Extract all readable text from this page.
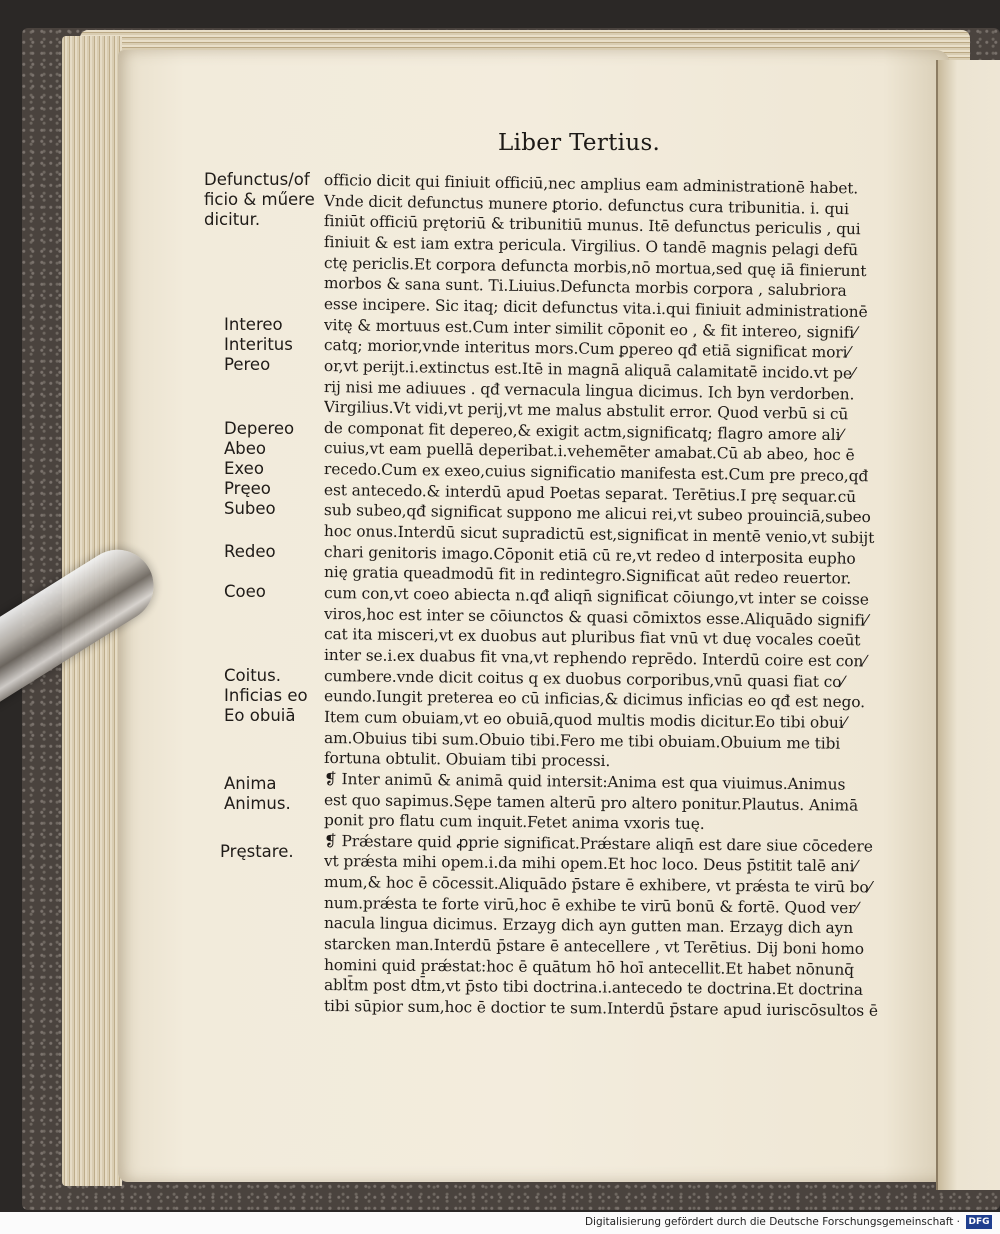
Liber Tertius.
Defunctus/of
ficio & műere
dicitur.
Intereo
Interitus
Pereo
Depereo
Abeo
Exeo
Pręeo
Subeo
Redeo
Coeo
Coitus.
Inficias eo
Eo obuiā
Anima
Animus.
Pręstare.
officio dicit qui finiuit officiū,nec amplius eam administrationē habet.
Vnde dicit defunctus munere ꝑtorio. defunctus cura tribunitia. i. qui
finiūt officiū prętoriū & tribunitiū munus. Itē defunctus periculis , qui
finiuit & est iam extra pericula. Virgilius. O tandē magnis pelagi defū
ctę periclis.Et corpora defuncta morbis,nō mortua,sed quę iā finierunt
morbos & sana sunt. Ti.Liuius.Defuncta morbis corpora , salubriora
esse incipere. Sic itaq; dicit defunctus vita.i.qui finiuit administrationē
vitę & mortuus est.Cum inter similit cōponit eo , & fit intereo, signifi⁄
catq; morior,vnde interitus mors.Cum ꝑpereo qđ etiā significat mori⁄
or,vt perijt.i.extinctus est.Itē in magnā aliquā calamitatē incido.vt pe⁄
rij nisi me adiuues . qđ vernacula lingua dicimus. Ich byn verdorben.
Virgilius.Vt vidi,vt perij,vt me malus abstulit error. Quod verbū si cū
de componat fit depereo,& exigit actm,significatq; flagro amore ali⁄
cuius,vt eam puellā deperibat.i.vehemēter amabat.Cū ab abeo, hoc ē
recedo.Cum ex exeo,cuius significatio manifesta est.Cum pre preco,qđ
est antecedo.& interdū apud Poetas separat. Terētius.I prę sequar.cū
sub subeo,qđ significat suppono me alicui rei,vt subeo prouinciā,subeo
hoc onus.Interdū sicut supradictū est,significat in mentē venio,vt subijt
chari genitoris imago.Cōponit etiā cū re,vt redeo d interposita eupho
nię gratia queadmodū fit in redintegro.Significat aūt redeo reuertor.
cum con,vt coeo abiecta n.qđ aliqn̄ significat cōiungo,vt inter se coisse
viros,hoc est inter se cōiunctos & quasi cōmixtos esse.Aliquādo signifi⁄
cat ita misceri,vt ex duobus aut pluribus fiat vnū vt duę vocales coeūt
inter se.i.ex duabus fit vna,vt rephendo reprēdo. Interdū coire est con⁄
cumbere.vnde dicit coitus q ex duobus corporibus,vnū quasi fiat co⁄
eundo.Iungit preterea eo cū inficias,& dicimus inficias eo qđ est nego.
Item cum obuiam,vt eo obuiā,quod multis modis dicitur.Eo tibi obui⁄
am.Obuius tibi sum.Obuio tibi.Fero me tibi obuiam.Obuium me tibi
fortuna obtulit. Obuiam tibi processi.
❡ Inter animū & animā quid intersit:Anima est qua viuimus.Animus
est quo sapimus.Sępe tamen alterū pro altero ponitur.Plautus. Animā
ponit pro flatu cum inquit.Fetet anima vxoris tuę.
❡ Prǽstare quid ꝓprie significat.Prǽstare aliqn̄ est dare siue cōcedere
vt prǽsta mihi opem.i.da mihi opem.Et hoc loco. Deus p̄stitit talē ani⁄
mum,& hoc ē cōcessit.Aliquādo p̄stare ē exhibere, vt prǽsta te virū bo⁄
num.prǽsta te forte virū,hoc ē exhibe te virū bonū & fortē. Quod ver⁄
nacula lingua dicimus. Erzayg dich ayn gutten man. Erzayg dich ayn
starcken man.Interdū p̄stare ē antecellere , vt Terētius. Dij boni homo
homini quid prǽstat:hoc ē quātum hō hoī antecellit.Et habet nōnunq̄
ablt̄m post dt̄m,vt p̄sto tibi doctrina.i.antecedo te doctrina.Et doctrina
tibi sūpior sum,hoc ē doctior te sum.Interdū p̄stare apud iuriscōsultos ē
Digitalisierung gefördert durch die Deutsche Forschungsgemeinschaft · DFG
